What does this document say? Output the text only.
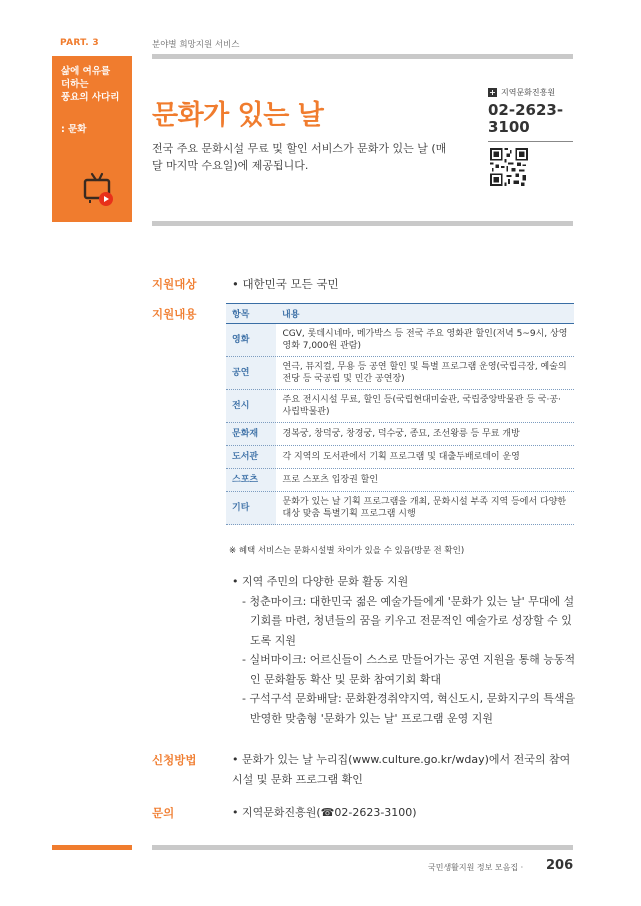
PART. 3	분야별 희망지원 서비스
삶에 여유를
더하는
풍요의 사다리
: 문화 문화가 있는 날
전국 주요 문화시설 무료 및 할인 서비스가 문화가 있는 날 (매달 마지막 수요일)에 제공됩니다.
+ 지역문화진흥원
02-2623-3100
지원대상	• 대한민국 모든 국민
지원내용	항목	내용
영화	CGV, 롯데시네마, 메가박스 등 전국 주요 영화관 할인(저녁 5~9시, 상영 영화 7,000원 관람)
공연	연극, 뮤지컬, 무용 등 공연 할인 및 특별 프로그램 운영(국립극장, 예술의전당 등 국공립 및 민간 공연장)
전시	주요 전시시설 무료, 할인 등(국립현대미술관, 국립중앙박물관 등 국·공·사립박물관)
문화재	경복궁, 창덕궁, 창경궁, 덕수궁, 종묘, 조선왕릉 등 무료 개방
도서관	각 지역의 도서관에서 기획 프로그램 및 대출두배로데이 운영
스포츠	프로 스포츠 입장권 할인
기타	문화가 있는 날 기획 프로그램을 개최, 문화시설 부족 지역 등에서 다양한 대상 맞춤 특별기획 프로그램 시행
※ 혜택 서비스는 문화시설별 차이가 있을 수 있음(방문 전 확인)
• 지역 주민의 다양한 문화 활동 지원
- 청춘마이크: 대한민국 젊은 예술가들에게 '문화가 있는 날' 무대에 설 기회를 마련, 청년들의 꿈을 키우고 전문적인 예술가로 성장할 수 있도록 지원
- 실버마이크: 어르신들이 스스로 만들어가는 공연 지원을 통해 능동적인 문화활동 확산 및 문화 참여기회 확대
- 구석구석 문화배달: 문화환경취약지역, 혁신도시, 문화지구의 특색을 반영한 맞춤형 '문화가 있는 날' 프로그램 운영 지원
신청방법	• 문화가 있는 날 누리집(www.culture.go.kr/wday)에서 전국의 참여시설 및 문화 프로그램 확인
문의	• 지역문화진흥원(☎02-2623-3100)
국민생활지원 정보 모음집 · 206
